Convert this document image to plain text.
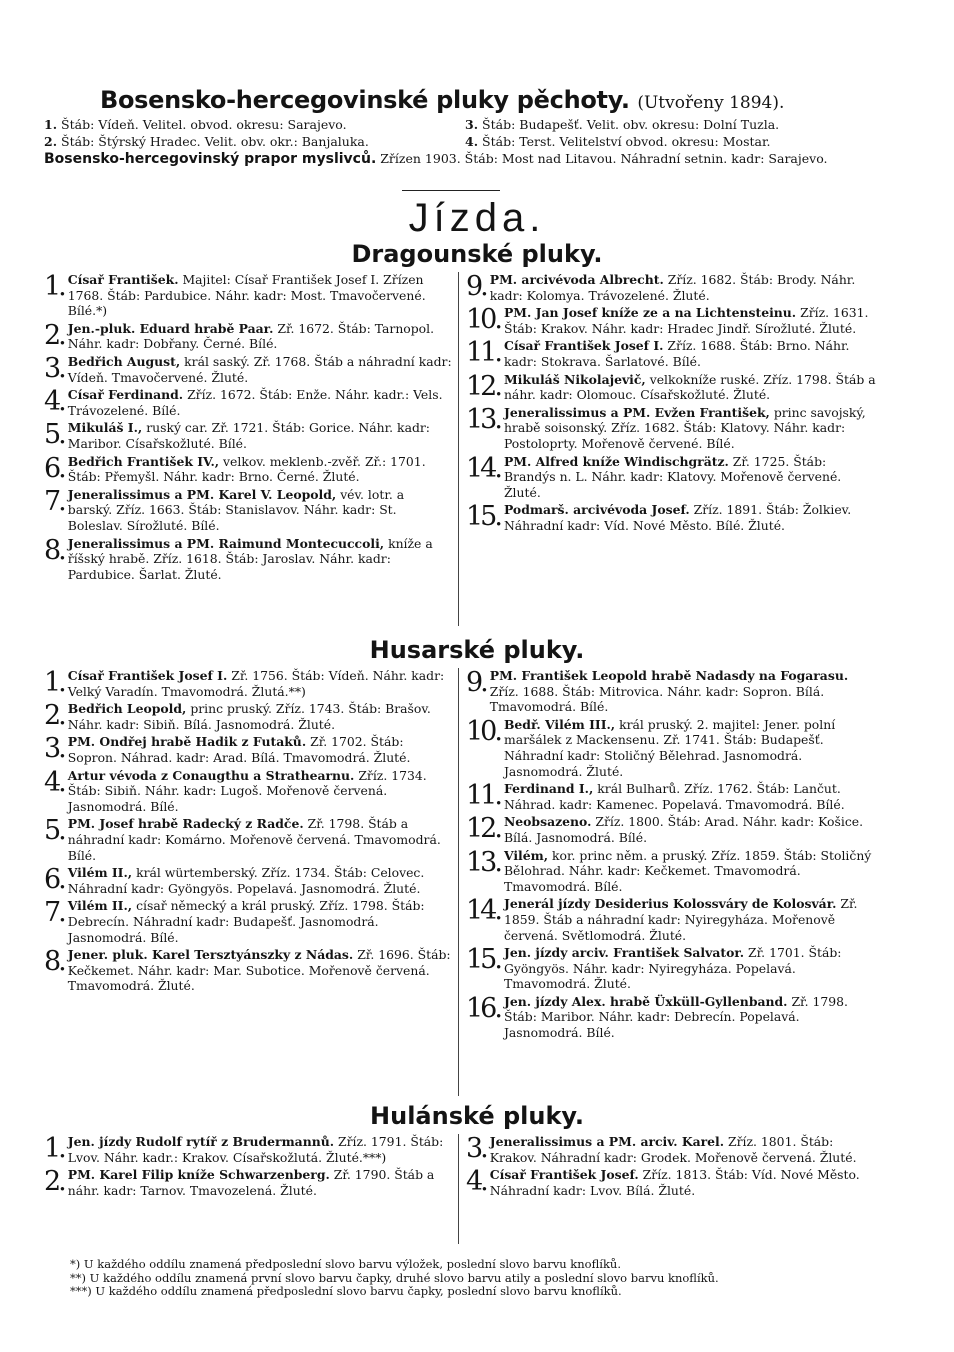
Bosensko-hercegovinské pluky pěchoty. (Utvořeny 1894).
1. Štáb: Vídeň. Velitel. obvod. okresu: Sarajevo.	3. Štáb: Budapešť. Velit. obv. okresu: Dolní Tuzla.
2. Štáb: Štýrský Hradec. Velit. obv. okr.: Banjaluka.	4. Štáb: Terst. Velitelství obvod. okresu: Mostar.
Bosensko-hercegovinský prapor myslivců. Zřízen 1903. Štáb: Most nad Litavou. Náhradní setnin. kadr: Sarajevo.
Jízda.
Dragounské pluky.
1. Císař František. Majitel: Císař František Josef I. Zřízen 1768. Štáb: Pardubice. Náhr. kadr: Most. Tmavočervené. Bílé.*)
2. Jen.-pluk. Eduard hrabě Paar. Zř. 1672. Štáb: Tarnopol. Náhr. kadr: Dobřany. Černé. Bílé.
3. Bedřich August, král saský. Zř. 1768. Štáb a náhradní kadr: Vídeň. Tmavočervené. Žluté.
4. Císař Ferdinand. Zříz. 1672. Štáb: Enže. Náhr. kadr.: Vels. Trávozelené. Bílé.
5. Mikuláš I., ruský car. Zř. 1721. Štáb: Gorice. Náhr. kadr: Maribor. Císařskožluté. Bílé.
6. Bedřich František IV., velkov. meklenb.-zvěř. Zř.: 1701. Štáb: Přemyšl. Náhr. kadr: Brno. Černé. Žluté.
7. Jeneralissimus a PM. Karel V. Leopold, vév. lotr. a barský. Zříz. 1663. Štáb: Stanislavov. Náhr. kadr: St. Boleslav. Sírožluté. Bílé.
8. Jeneralissimus a PM. Raimund Montecuccoli, kníže a říšský hrabě. Zříz. 1618. Štáb: Jaroslav. Náhr. kadr: Pardubice. Šarlat. Žluté.
9. PM. arcivévoda Albrecht. Zříz. 1682. Štáb: Brody. Náhr. kadr: Kolomya. Trávozelené. Žluté.
10. PM. Jan Josef kníže ze a na Lichtensteinu. Zříz. 1631. Štáb: Krakov. Náhr. kadr: Hradec Jindř. Sírožluté. Žluté.
11. Císař František Josef I. Zříz. 1688. Štáb: Brno. Náhr. kadr: Stokrava. Šarlatové. Bílé.
12. Mikuláš Nikolajevič, velkokníže ruské. Zříz. 1798. Štáb a náhr. kadr: Olomouc. Císařskožluté. Žluté.
13. Jeneralissimus a PM. Evžen František, princ savojský, hrabě soisonský. Zříz. 1682. Štáb: Klatovy. Náhr. kadr: Postoloprty. Mořenově červené. Bílé.
14. PM. Alfred kníže Windischgrätz. Zř. 1725. Štáb: Brandýs n. L. Náhr. kadr: Klatovy. Mořenově červené. Žluté.
15. Podmarš. arcivévoda Josef. Zříz. 1891. Štáb: Žolkiev. Náhradní kadr: Víd. Nové Město. Bílé. Žluté.
Husarské pluky.
1. Císař František Josef I. Zř. 1756. Štáb: Vídeň. Náhr. kadr: Velký Varadín. Tmavomodrá. Žlutá.**)
2. Bedřich Leopold, princ pruský. Zříz. 1743. Štáb: Brašov. Náhr. kadr: Sibiň. Bílá. Jasnomodrá. Žluté.
3. PM. Ondřej hrabě Hadik z Futaků. Zř. 1702. Štáb: Sopron. Náhrad. kadr: Arad. Bílá. Tmavomodrá. Žluté.
4. Artur vévoda z Conaugthu a Strathearnu. Zříz. 1734. Štáb: Sibiň. Náhr. kadr: Lugoš. Mořenově červená. Jasnomodrá. Bílé.
5. PM. Josef hrabě Radecký z Radče. Zř. 1798. Štáb a náhradní kadr: Komárno. Mořenově červená. Tmavomodrá. Bílé.
6. Vilém II., král würtemberský. Zříz. 1734. Štáb: Celovec. Náhradní kadr: Gyöngyös. Popelavá. Jasnomodrá. Žluté.
7. Vilém II., císař německý a král pruský. Zříz. 1798. Štáb: Debrecín. Náhradní kadr: Budapešť. Jasnomodrá. Jasnomodrá. Bílé.
8. Jener. pluk. Karel Tersztyánszky z Nádas. Zř. 1696. Štáb: Kečkemet. Náhr. kadr: Mar. Subotice. Mořenově červená. Tmavomodrá. Žluté.
9. PM. František Leopold hrabě Nadasdy na Fogarasu. Zříz. 1688. Štáb: Mitrovica. Náhr. kadr: Sopron. Bílá. Tmavomodrá. Bílé.
10. Bedř. Vilém III., král pruský. 2. majitel: Jener. polní maršálek z Mackensenu. Zř. 1741. Štáb: Budapešť. Náhradní kadr: Stoličný Bělehrad. Jasnomodrá. Jasnomodrá. Žluté.
11. Ferdinand I., král Bulharů. Zříz. 1762. Štáb: Lančut. Náhrad. kadr: Kamenec. Popelavá. Tmavomodrá. Bílé.
12. Neobsazeno. Zříz. 1800. Štáb: Arad. Náhr. kadr: Košice. Bílá. Jasnomodrá. Bílé.
13. Vilém, kor. princ něm. a pruský. Zříz. 1859. Štáb: Stoličný Bělohrad. Náhr. kadr: Kečkemet. Tmavomodrá. Tmavomodrá. Bílé.
14. Jenerál jízdy Desiderius Kolossváry de Kolosvár. Zř. 1859. Štáb a náhradní kadr: Nyiregyháza. Mořenově červená. Světlomodrá. Žluté.
15. Jen. jízdy arciv. František Salvator. Zř. 1701. Štáb: Gyöngyös. Náhr. kadr: Nyiregyháza. Popelavá. Tmavomodrá. Žluté.
16. Jen. jízdy Alex. hrabě Üxküll-Gyllenband. Zř. 1798. Štáb: Maribor. Náhr. kadr: Debrecín. Popelavá. Jasnomodrá. Bílé.
Hulánské pluky.
1. Jen. jízdy Rudolf rytíř z Brudermannů. Zříz. 1791. Štáb: Lvov. Náhr. kadr.: Krakov. Císařskožlutá. Žluté.***)
2. PM. Karel Filip kníže Schwarzenberg. Zř. 1790. Štáb a náhr. kadr: Tarnov. Tmavozelená. Žluté.
3. Jeneralissimus a PM. arciv. Karel. Zříz. 1801. Štáb: Krakov. Náhradní kadr: Grodek. Mořenově červená. Žluté.
4. Císař František Josef. Zříz. 1813. Štáb: Víd. Nové Město. Náhradní kadr: Lvov. Bílá. Žluté.
*) U každého oddílu znamená předposlední slovo barvu výložek, poslední slovo barvu knoflíků.
**) U každého oddílu znamená první slovo barvu čapky, druhé slovo barvu atily a poslední slovo barvu knoflíků.
***) U každého oddílu znamená předposlední slovo barvu čapky, poslední slovo barvu knoflíků.
